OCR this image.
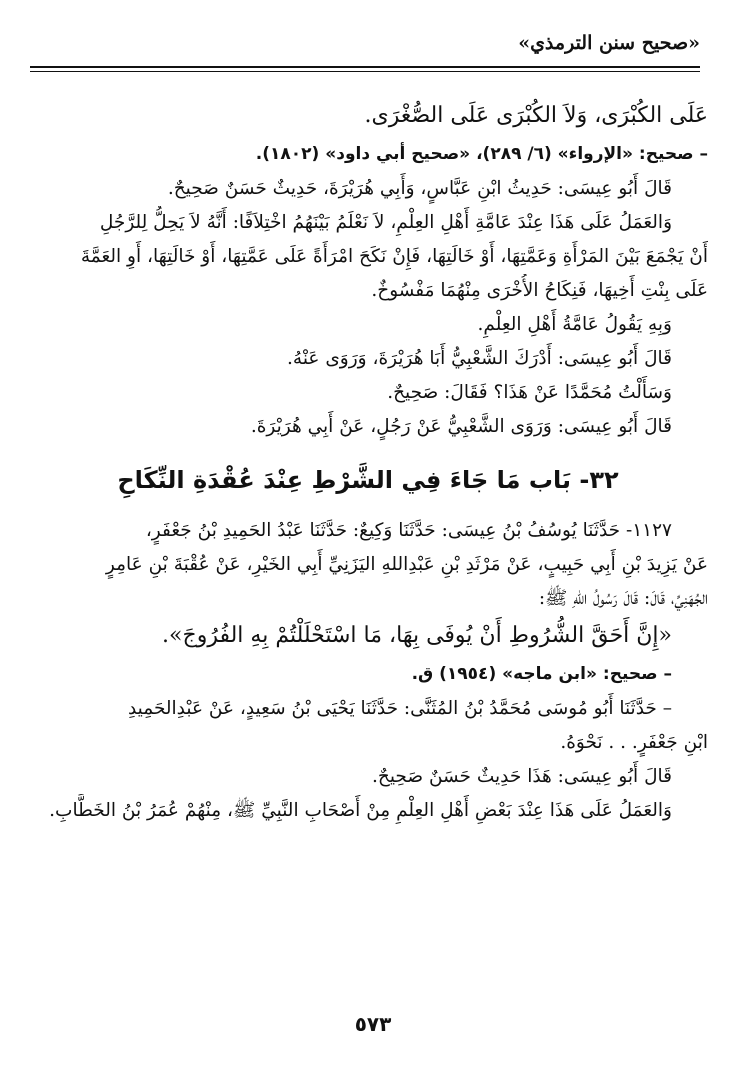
«صحيح سنن الترمذي»

عَلَى الكُبْرَى، وَلاَ الكُبْرَى عَلَى الصُّغْرَى.

– صحيح: «الإرواء» (٦/ ٢٨٩)، «صحيح أبي داود» (١٨٠٢).

قَالَ أَبُو عِيسَى: حَدِيثُ ابْنِ عَبَّاسٍ، وَأَبِي هُرَيْرَةَ، حَدِيثٌ حَسَنٌ صَحِيحٌ.

وَالعَمَلُ عَلَى هَذَا عِنْدَ عَامَّةِ أَهْلِ العِلْمِ، لاَ نَعْلَمُ بَيْنَهُمُ اخْتِلاَفًا: أَنَّهُ لاَ يَحِلُّ لِلرَّجُلِ

أَنْ يَجْمَعَ بَيْنَ المَرْأَةِ وَعَمَّتِهَا، أَوْ خَالَتِهَا، فَإِنْ نَكَحَ امْرَأَةً عَلَى عَمَّتِهَا، أَوْ خَالَتِهَا، أَوِ العَمَّةَ

عَلَى بِنْتِ أَخِيهَا، فَنِكَاحُ الأُخْرَى مِنْهُمَا مَفْسُوخٌ.

وَبِهِ يَقُولُ عَامَّةُ أَهْلِ العِلْمِ.

قَالَ أَبُو عِيسَى: أَدْرَكَ الشَّعْبِيُّ أَبَا هُرَيْرَةَ، وَرَوَى عَنْهُ.

وَسَأَلْتُ مُحَمَّدًا عَنْ هَذَا؟ فَقَالَ: صَحِيحٌ.

قَالَ أَبُو عِيسَى: وَرَوَى الشَّعْبِيُّ عَنْ رَجُلٍ، عَنْ أَبِي هُرَيْرَةَ.

٣٢- بَاب مَا جَاءَ فِي الشَّرْطِ عِنْدَ عُقْدَةِ النِّكَاحِ

١١٢٧- حَدَّثَنَا يُوسُفُ بْنُ عِيسَى: حَدَّثَنَا وَكِيعٌ: حَدَّثَنَا عَبْدُ الحَمِيدِ بْنُ جَعْفَرٍ،

عَنْ يَزِيدَ بْنِ أَبِي حَبِيبٍ، عَنْ مَرْثَدِ بْنِ عَبْدِاللهِ اليَزَنِيِّ أَبِي الخَيْرِ، عَنْ عُقْبَةَ بْنِ عَامِرٍ

الجُهَنِيِّ، قَالَ: قَالَ رَسُولُ اللهِ ﷺ:

«إِنَّ أَحَقَّ الشُّرُوطِ أَنْ يُوفَى بِهَا، مَا اسْتَحْلَلْتُمْ بِهِ الفُرُوجَ».

– صحيح: «ابن ماجه» (١٩٥٤) ق.

– حَدَّثَنَا أَبُو مُوسَى مُحَمَّدُ بْنُ المُثَنَّى: حَدَّثَنَا يَحْيَى بْنُ سَعِيدٍ، عَنْ عَبْدِالحَمِيدِ

ابْنِ جَعْفَرٍ. . . نَحْوَهُ.

قَالَ أَبُو عِيسَى: هَذَا حَدِيثٌ حَسَنٌ صَحِيحٌ.

وَالعَمَلُ عَلَى هَذَا عِنْدَ بَعْضِ أَهْلِ العِلْمِ مِنْ أَصْحَابِ النَّبِيِّ ﷺ، مِنْهُمْ عُمَرُ بْنُ الخَطَّابِ.

٥٧٣
